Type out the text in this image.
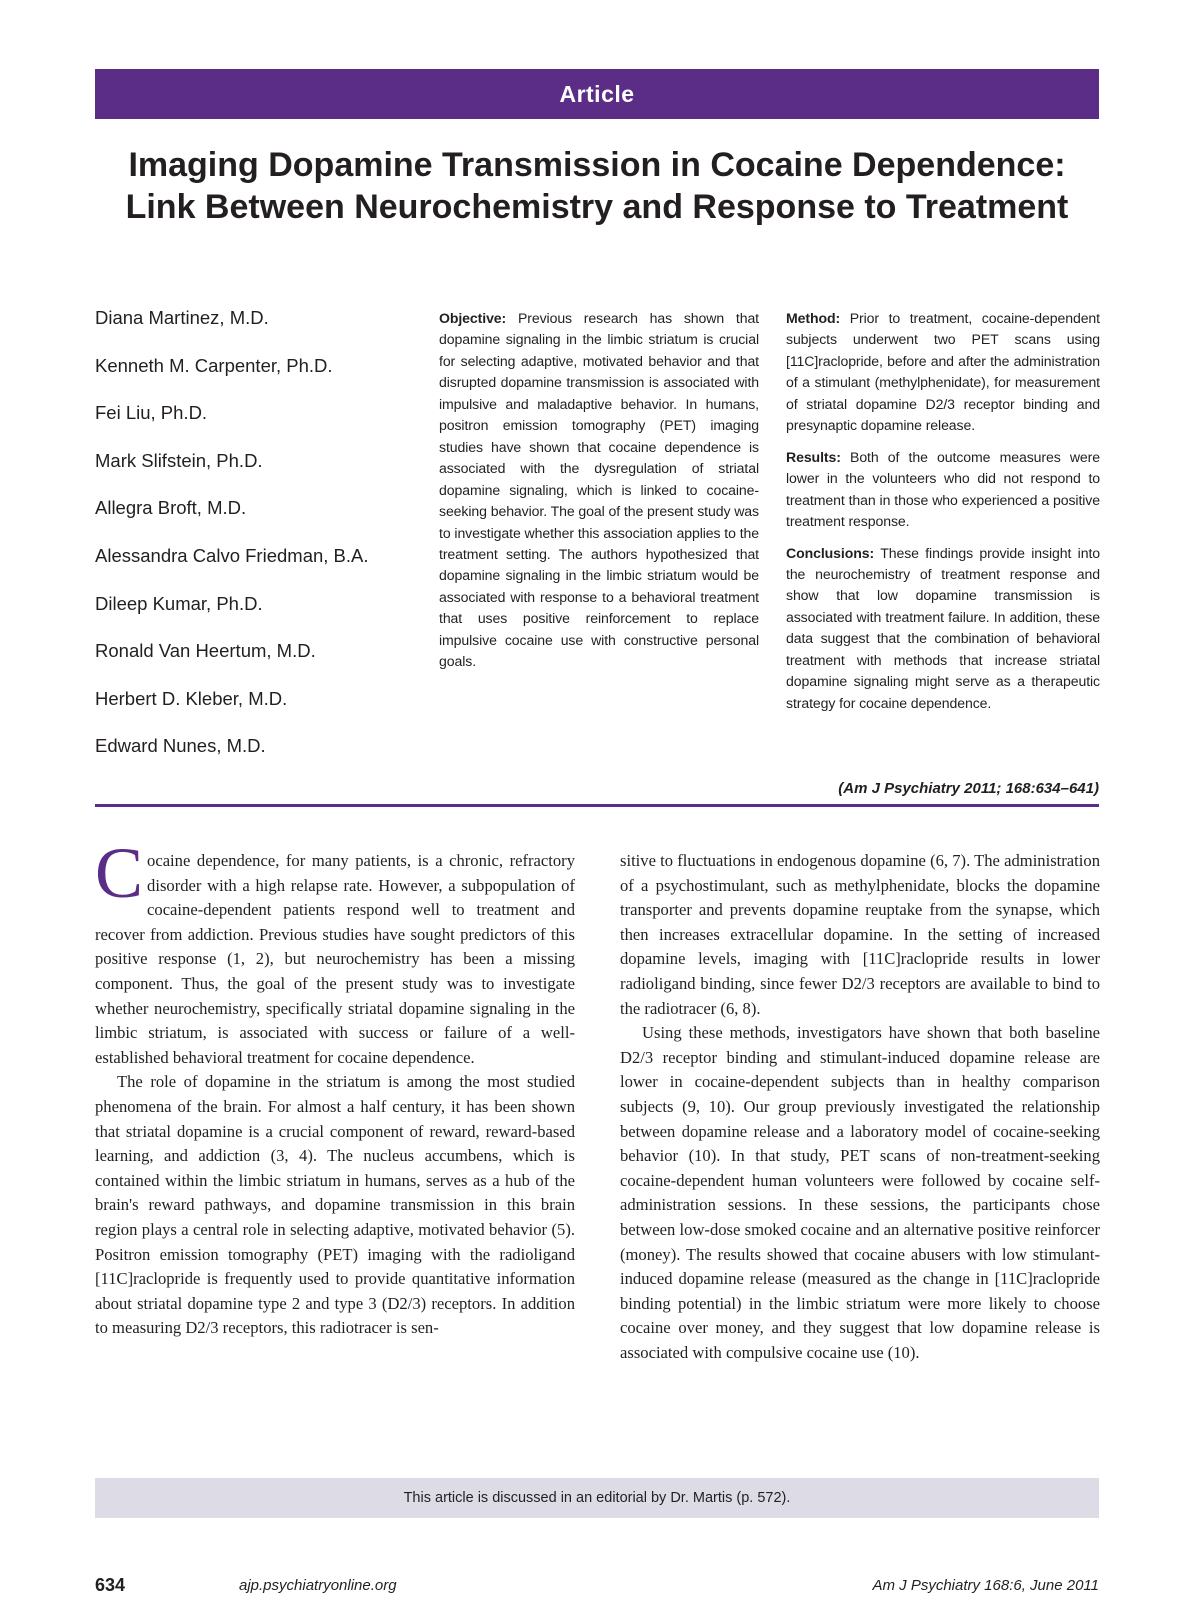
Article
Imaging Dopamine Transmission in Cocaine Dependence: Link Between Neurochemistry and Response to Treatment
Diana Martinez, M.D.
Kenneth M. Carpenter, Ph.D.
Fei Liu, Ph.D.
Mark Slifstein, Ph.D.
Allegra Broft, M.D.
Alessandra Calvo Friedman, B.A.
Dileep Kumar, Ph.D.
Ronald Van Heertum, M.D.
Herbert D. Kleber, M.D.
Edward Nunes, M.D.

Objective: Previous research has shown that dopamine signaling in the limbic striatum is crucial for selecting adaptive, motivated behavior and that disrupted dopamine transmission is associated with impulsive and maladaptive behavior. In humans, positron emission tomography (PET) imaging studies have shown that cocaine dependence is associated with the dysregulation of striatal dopamine signaling, which is linked to cocaine-seeking behavior. The goal of the present study was to investigate whether this association applies to the treatment setting. The authors hypothesized that dopamine signaling in the limbic striatum would be associated with response to a behavioral treatment that uses positive reinforcement to replace impulsive cocaine use with constructive personal goals.

Method: Prior to treatment, cocaine-dependent subjects underwent two PET scans using [11C]raclopride, before and after the administration of a stimulant (methylphenidate), for measurement of striatal dopamine D2/3 receptor binding and presynaptic dopamine release.

Results: Both of the outcome measures were lower in the volunteers who did not respond to treatment than in those who experienced a positive treatment response.

Conclusions: These findings provide insight into the neurochemistry of treatment response and show that low dopamine transmission is associated with treatment failure. In addition, these data suggest that the combination of behavioral treatment with methods that increase striatal dopamine signaling might serve as a therapeutic strategy for cocaine dependence.

(Am J Psychiatry 2011; 168:634–641)

C ocaine dependence, for many patients, is a chronic, refractory disorder with a high relapse rate. However, a subpopulation of cocaine-dependent patients respond well to treatment and recover from addiction. Previous studies have sought predictors of this positive response (1, 2), but neurochemistry has been a missing component. Thus, the goal of the present study was to investigate whether neurochemistry, specifically striatal dopamine signaling in the limbic striatum, is associated with success or failure of a well-established behavioral treatment for cocaine dependence.

The role of dopamine in the striatum is among the most studied phenomena of the brain. For almost a half century, it has been shown that striatal dopamine is a crucial component of reward, reward-based learning, and addiction (3, 4). The nucleus accumbens, which is contained within the limbic striatum in humans, serves as a hub of the brain's reward pathways, and dopamine transmission in this brain region plays a central role in selecting adaptive, motivated behavior (5). Positron emission tomography (PET) imaging with the radioligand [11C]raclopride is frequently used to provide quantitative information about striatal dopamine type 2 and type 3 (D2/3) receptors. In addition to measuring D2/3 receptors, this radiotracer is sen-

sitive to fluctuations in endogenous dopamine (6, 7). The administration of a psychostimulant, such as methylphenidate, blocks the dopamine transporter and prevents dopamine reuptake from the synapse, which then increases extracellular dopamine. In the setting of increased dopamine levels, imaging with [11C]raclopride results in lower radioligand binding, since fewer D2/3 receptors are available to bind to the radiotracer (6, 8).

Using these methods, investigators have shown that both baseline D2/3 receptor binding and stimulant-induced dopamine release are lower in cocaine-dependent subjects than in healthy comparison subjects (9, 10). Our group previously investigated the relationship between dopamine release and a laboratory model of cocaine-seeking behavior (10). In that study, PET scans of non-treatment-seeking cocaine-dependent human volunteers were followed by cocaine self-administration sessions. In these sessions, the participants chose between low-dose smoked cocaine and an alternative positive reinforcer (money). The results showed that cocaine abusers with low stimulant-induced dopamine release (measured as the change in [11C]raclopride binding potential) in the limbic striatum were more likely to choose cocaine over money, and they suggest that low dopamine release is associated with compulsive cocaine use (10).

This article is discussed in an editorial by Dr. Martis (p. 572).
634	ajp.psychiatryonline.org	Am J Psychiatry 168:6, June 2011
